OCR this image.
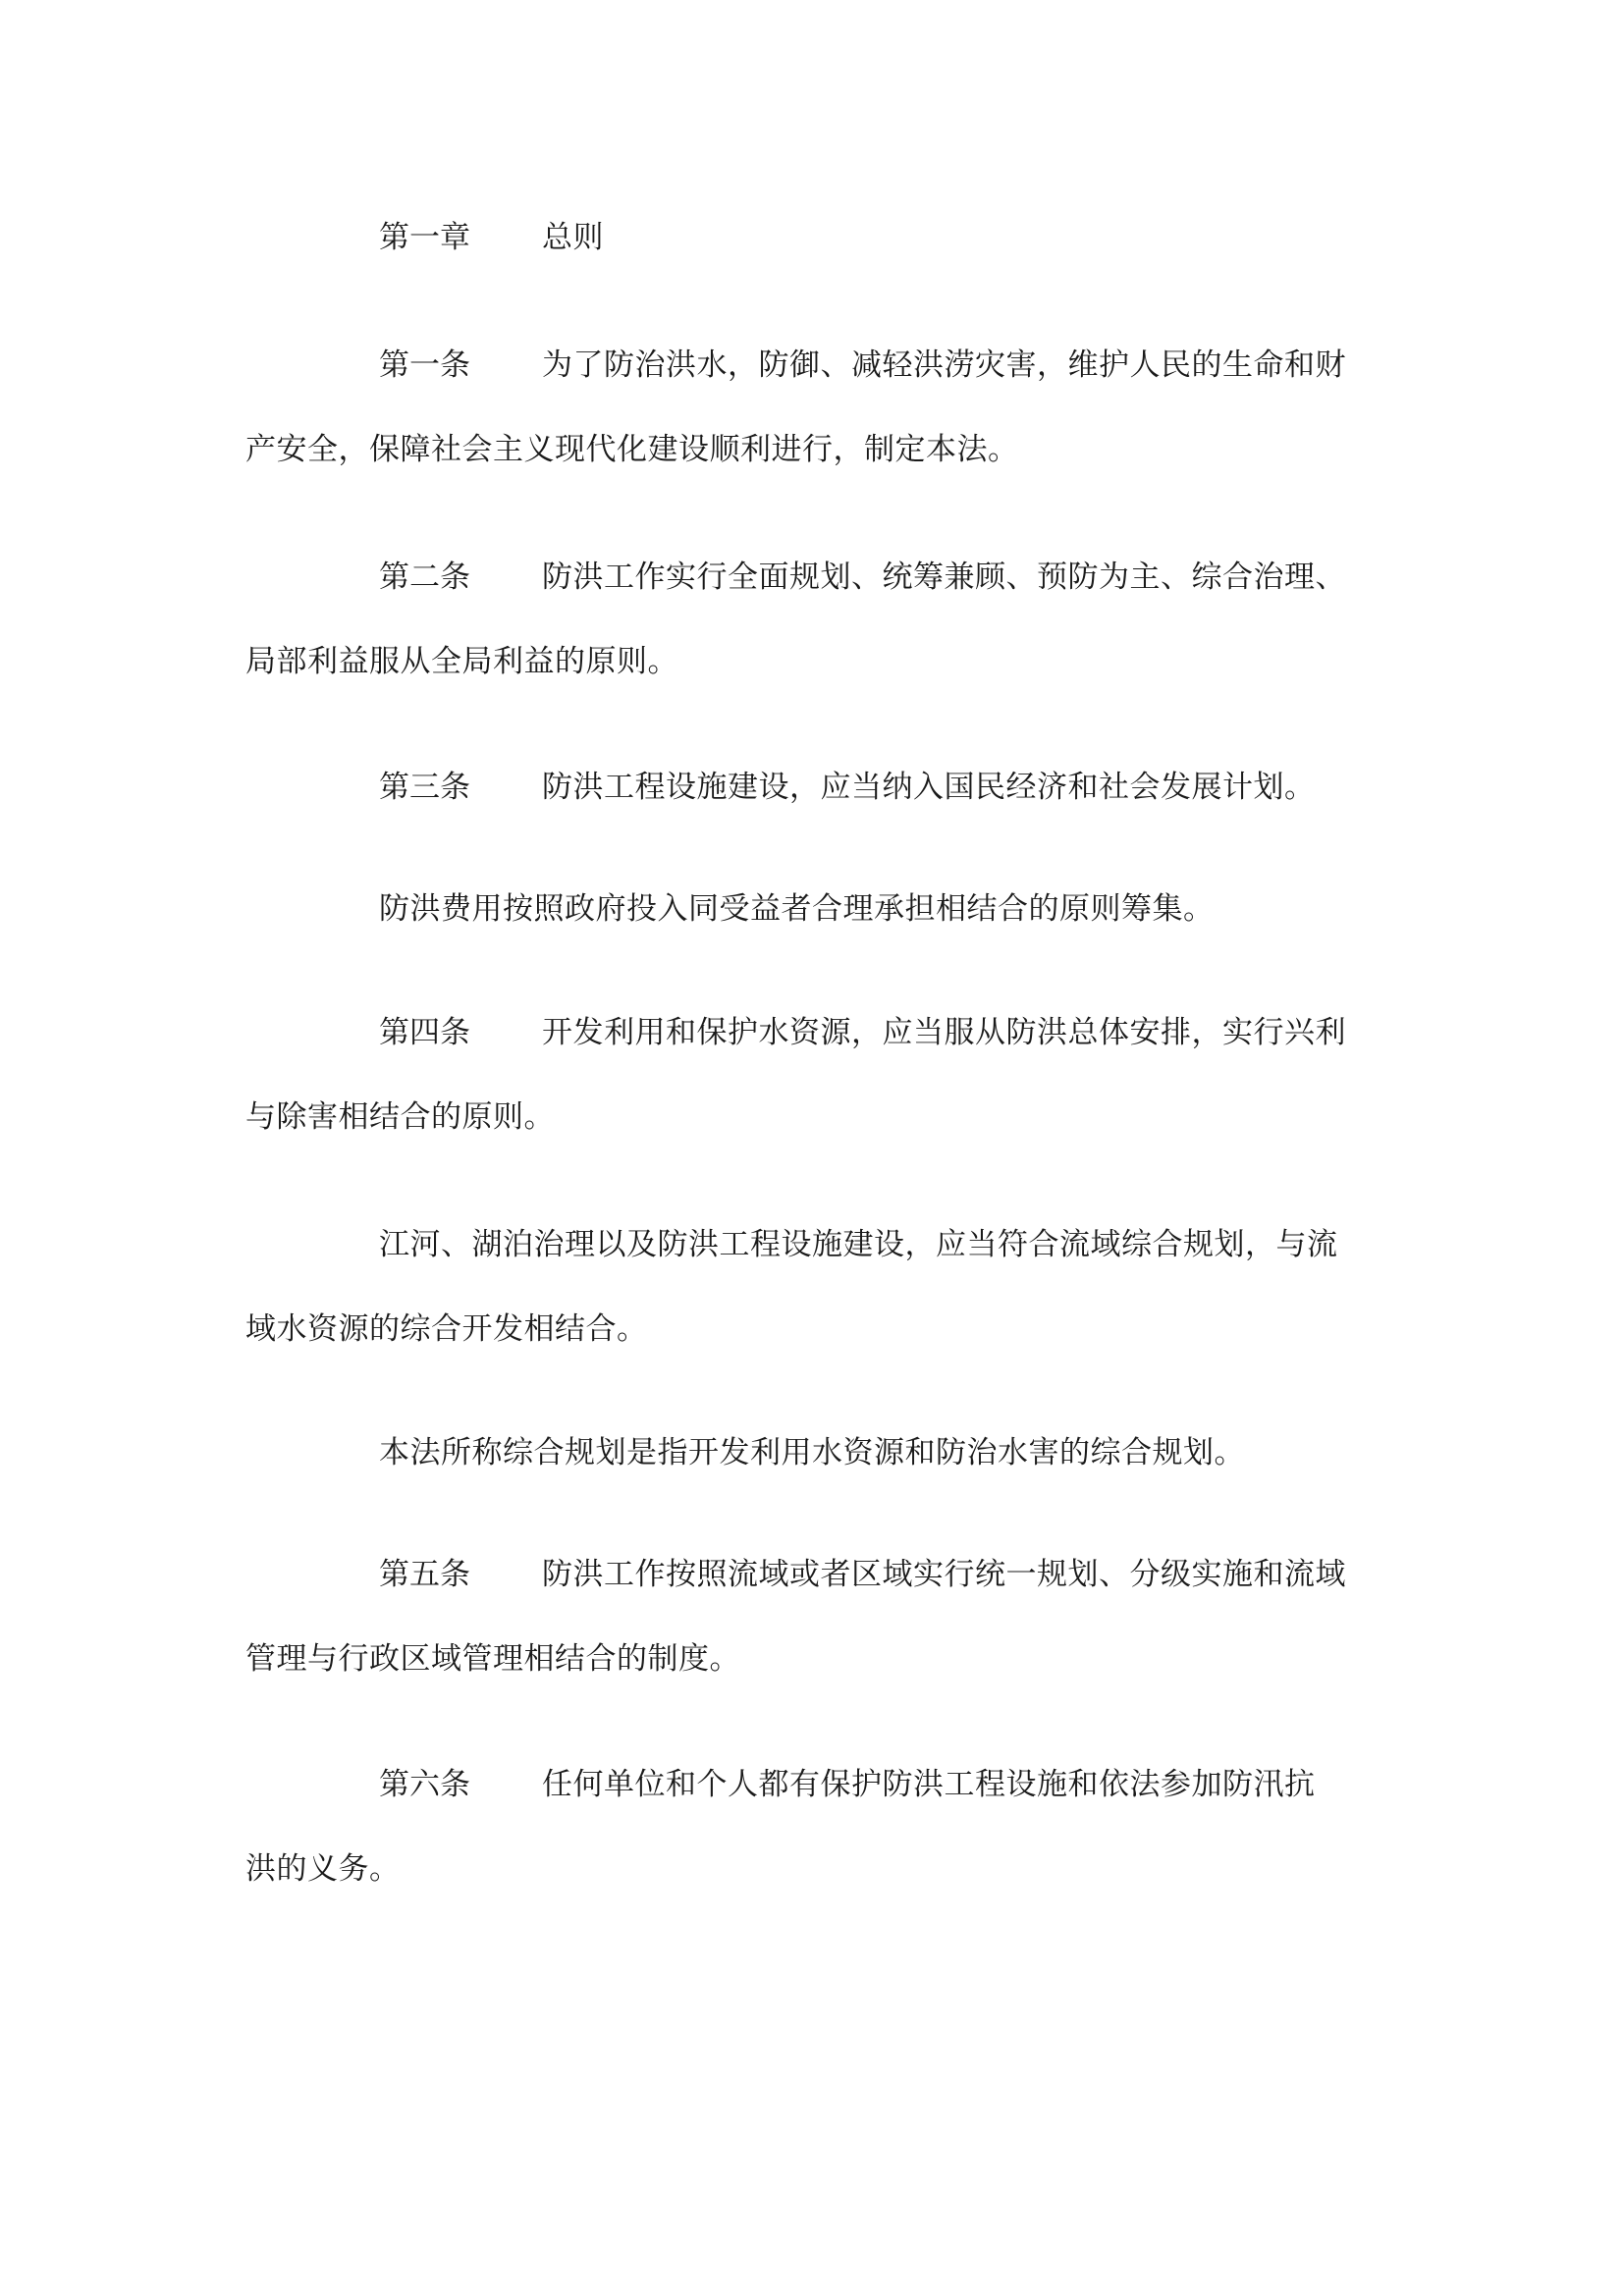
第一章 总则
第一条 为了防治洪水，防御、减轻洪涝灾害，维护人民的生命和财
产安全，保障社会主义现代化建设顺利进行，制定本法。
第二条 防洪工作实行全面规划、统筹兼顾、预防为主、综合治理、
局部利益服从全局利益的原则。
第三条 防洪工程设施建设，应当纳入国民经济和社会发展计划。
防洪费用按照政府投入同受益者合理承担相结合的原则筹集。
第四条 开发利用和保护水资源，应当服从防洪总体安排，实行兴利
与除害相结合的原则。
江河、湖泊治理以及防洪工程设施建设，应当符合流域综合规划，与流
域水资源的综合开发相结合。
本法所称综合规划是指开发利用水资源和防治水害的综合规划。
第五条 防洪工作按照流域或者区域实行统一规划、分级实施和流域
管理与行政区域管理相结合的制度。
第六条 任何单位和个人都有保护防洪工程设施和依法参加防汛抗
洪的义务。
